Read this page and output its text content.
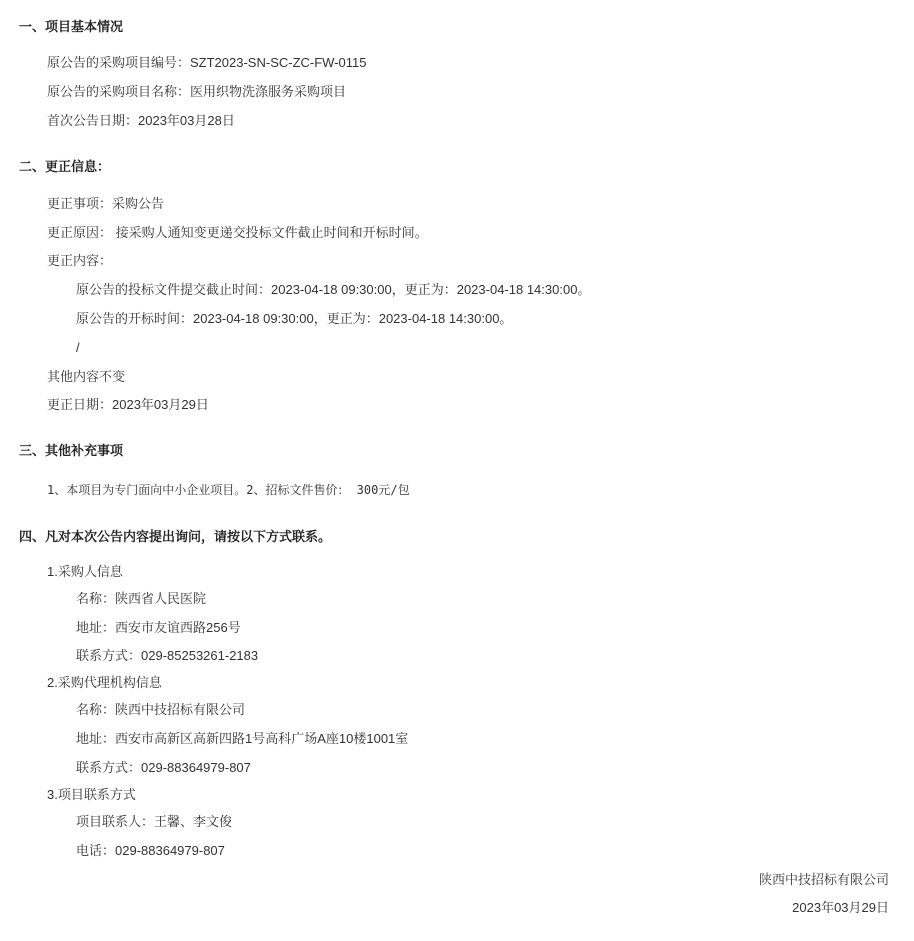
一、项目基本情况
原公告的采购项目编号：SZT2023-SN-SC-ZC-FW-0115
原公告的采购项目名称：医用织物洗涤服务采购项目
首次公告日期：2023年03月28日
二、更正信息：
更正事项：采购公告
更正原因： 接采购人通知变更递交投标文件截止时间和开标时间。
更正内容：
原公告的投标文件提交截止时间：2023-04-18 09:30:00，更正为：2023-04-18 14:30:00。
原公告的开标时间：2023-04-18 09:30:00，更正为：2023-04-18 14:30:00。
/
其他内容不变
更正日期：2023年03月29日
三、其他补充事项
1、本项目为专门面向中小企业项目。2、招标文件售价： 300元/包
四、凡对本次公告内容提出询问，请按以下方式联系。
1.采购人信息
名称：陕西省人民医院
地址：西安市友谊西路256号
联系方式：029-85253261-2183
2.采购代理机构信息
名称：陕西中技招标有限公司
地址：西安市高新区高新四路1号高科广场A座10楼1001室
联系方式：029-88364979-807
3.项目联系方式
项目联系人：王馨、李文俊
电话：029-88364979-807
陕西中技招标有限公司
2023年03月29日
